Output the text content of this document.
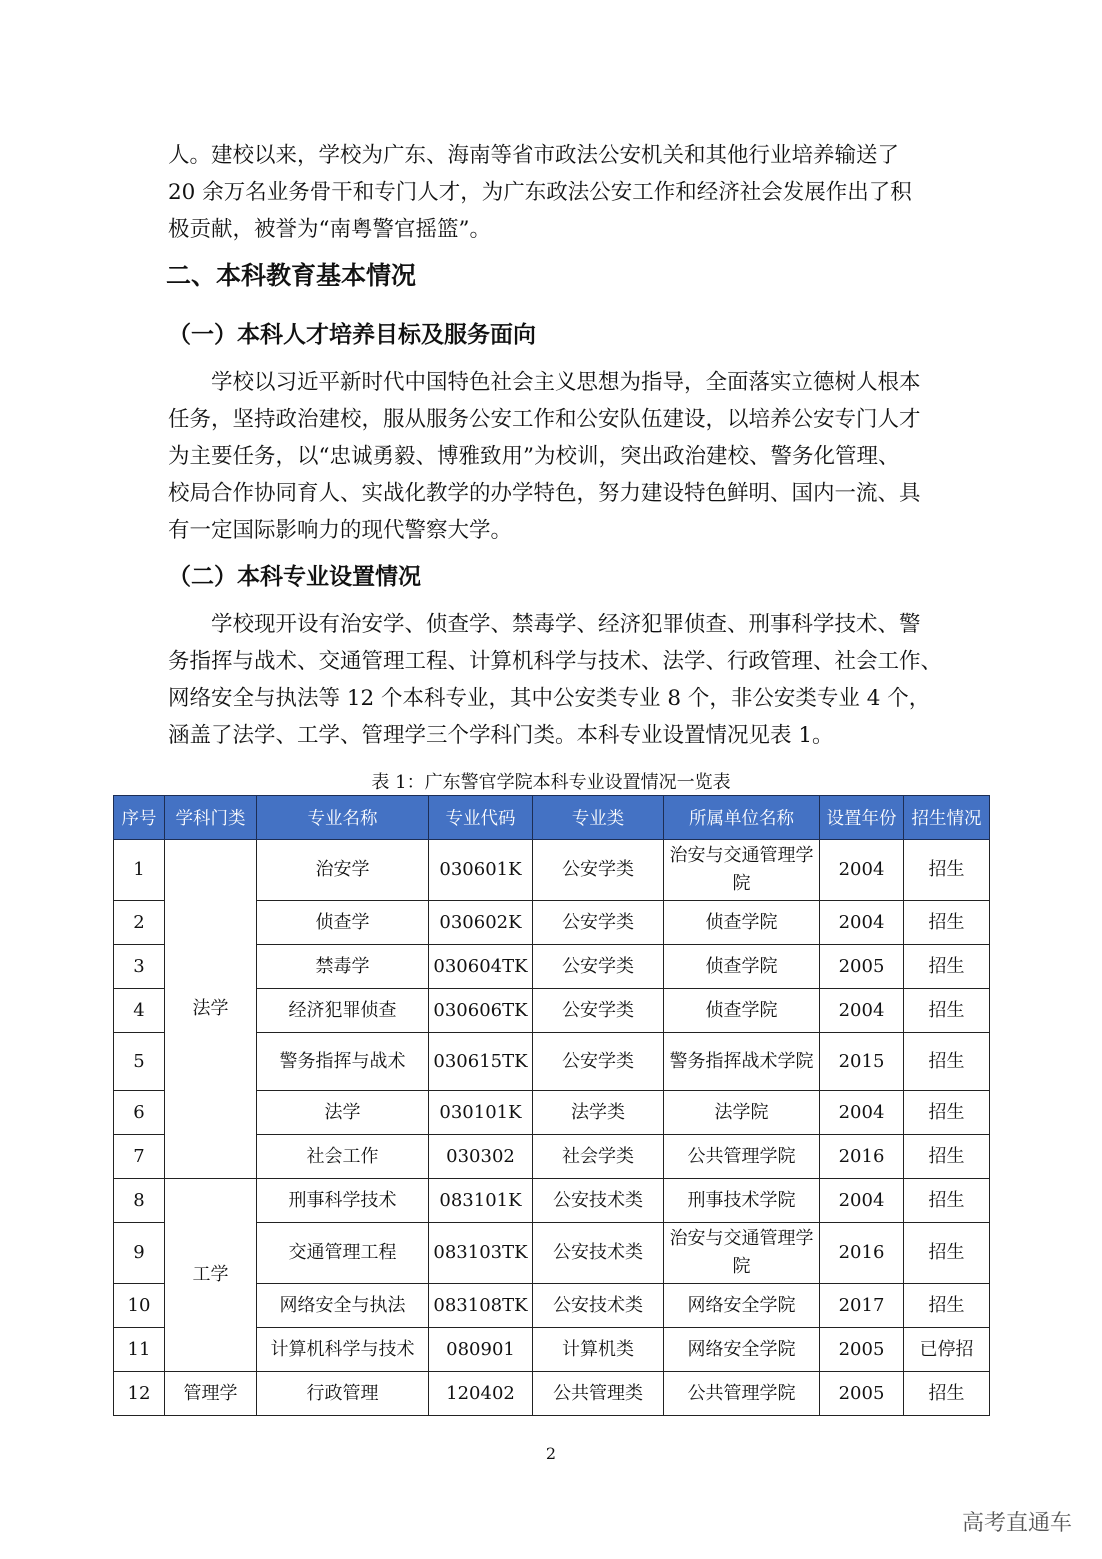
人。建校以来，学校为广东、海南等省市政法公安机关和其他行业培养输送了
20 余万名业务骨干和专门人才，为广东政法公安工作和经济社会发展作出了积
极贡献，被誉为“南粤警官摇篮”。
二、本科教育基本情况
（一）本科人才培养目标及服务面向
学校以习近平新时代中国特色社会主义思想为指导，全面落实立德树人根本
任务，坚持政治建校，服从服务公安工作和公安队伍建设，以培养公安专门人才
为主要任务，以“忠诚勇毅、博雅致用”为校训，突出政治建校、警务化管理、
校局合作协同育人、实战化教学的办学特色，努力建设特色鲜明、国内一流、具
有一定国际影响力的现代警察大学。
（二）本科专业设置情况
学校现开设有治安学、侦查学、禁毒学、经济犯罪侦查、刑事科学技术、警
务指挥与战术、交通管理工程、计算机科学与技术、法学、行政管理、社会工作、
网络安全与执法等 12 个本科专业，其中公安类专业 8 个，非公安类专业 4 个，
涵盖了法学、工学、管理学三个学科门类。本科专业设置情况见表 1。
表 1：广东警官学院本科专业设置情况一览表
序号	学科门类	专业名称	专业代码	专业类	所属单位名称	设置年份	招生情况
1	法学	治安学	030601K	公安学类	治安与交通管理学院	2004	招生
2		侦查学	030602K	公安学类	侦查学院	2004	招生
3		禁毒学	030604TK	公安学类	侦查学院	2005	招生
4		经济犯罪侦查	030606TK	公安学类	侦查学院	2004	招生
5		警务指挥与战术	030615TK	公安学类	警务指挥战术学院	2015	招生
6		法学	030101K	法学类	法学院	2004	招生
7		社会工作	030302	社会学类	公共管理学院	2016	招生
8	工学	刑事科学技术	083101K	公安技术类	刑事技术学院	2004	招生
9		交通管理工程	083103TK	公安技术类	治安与交通管理学院	2016	招生
10		网络安全与执法	083108TK	公安技术类	网络安全学院	2017	招生
11		计算机科学与技术	080901	计算机类	网络安全学院	2005	已停招
12	管理学	行政管理	120402	公共管理类	公共管理学院	2005	招生
2
高考直通车
